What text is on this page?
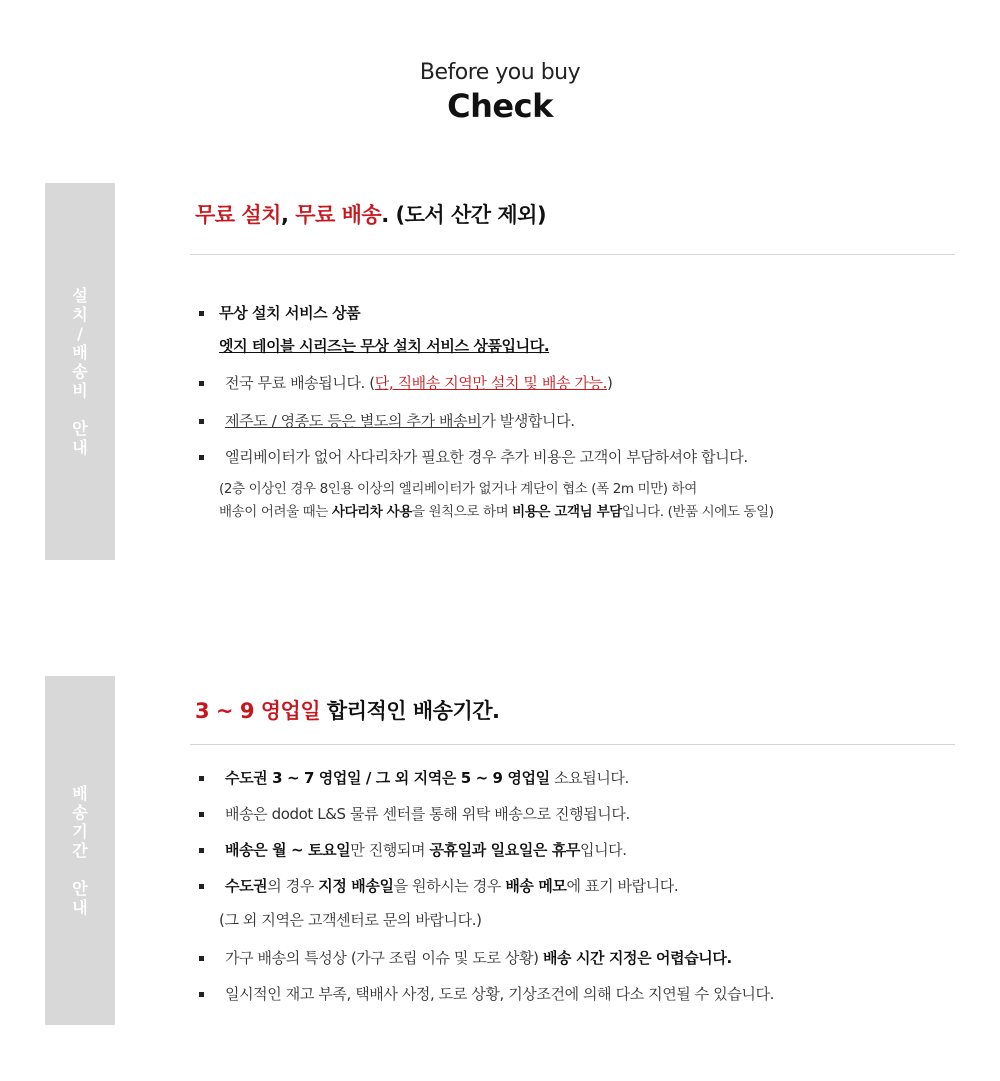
Before you buy
Check
설
치
/
배
송
비
안
내
무료 설치, 무료 배송. (도서 산간 제외)
무상 설치 서비스 상품
엣지 테이블 시리즈는 무상 설치 서비스 상품입니다.
전국 무료 배송됩니다. (단, 직배송 지역만 설치 및 배송 가능.)
제주도 / 영종도 등은 별도의 추가 배송비가 발생합니다.
엘리베이터가 없어 사다리차가 필요한 경우 추가 비용은 고객이 부담하셔야 합니다.
(2층 이상인 경우 8인용 이상의 엘리베이터가 없거나 계단이 협소 (폭 2m 미만) 하여
배송이 어려울 때는 사다리차 사용을 원칙으로 하며 비용은 고객님 부담입니다. (반품 시에도 동일)
배
송
기
간
안
내
3 ~ 9 영업일 합리적인 배송기간.
수도권 3 ~ 7 영업일 / 그 외 지역은 5 ~ 9 영업일 소요됩니다.
배송은 dodot L&S 물류 센터를 통해 위탁 배송으로 진행됩니다.
배송은 월 ~ 토요일만 진행되며 공휴일과 일요일은 휴무입니다.
수도권의 경우 지정 배송일을 원하시는 경우 배송 메모에 표기 바랍니다.
(그 외 지역은 고객센터로 문의 바랍니다.)
가구 배송의 특성상 (가구 조립 이슈 및 도로 상황) 배송 시간 지정은 어렵습니다.
일시적인 재고 부족, 택배사 사정, 도로 상황, 기상조건에 의해 다소 지연될 수 있습니다.
